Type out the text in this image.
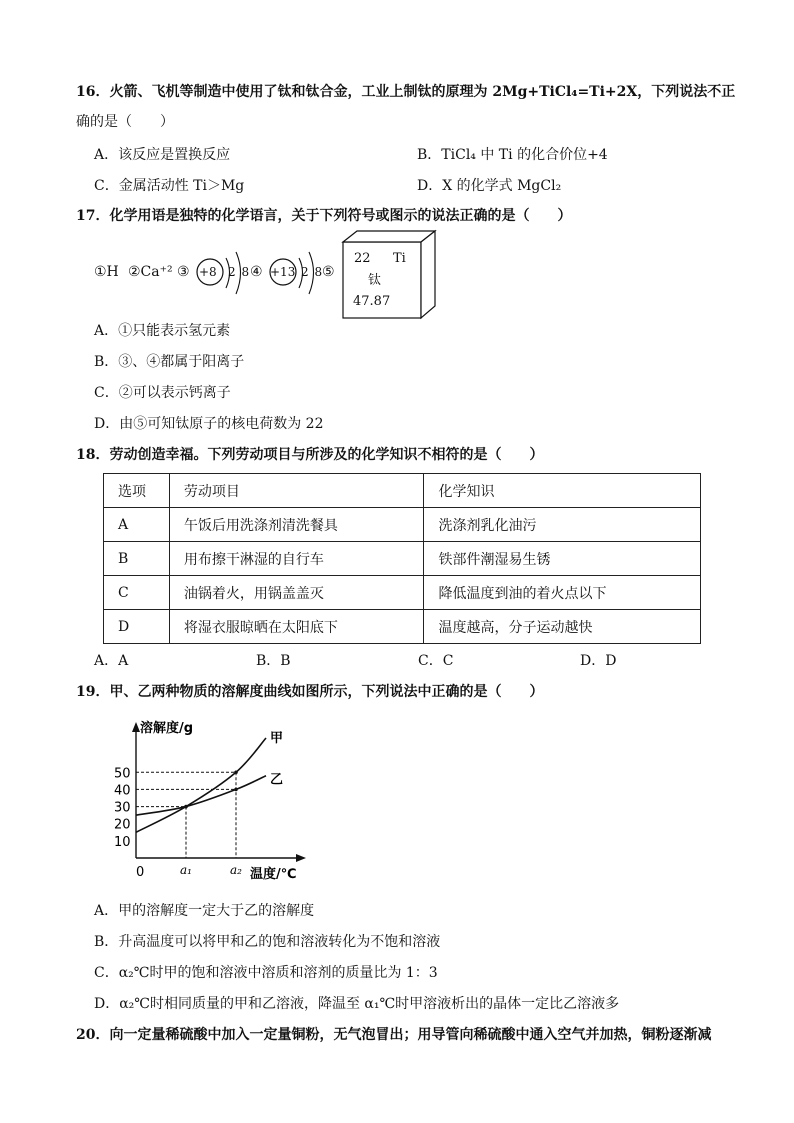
16．火箭、飞机等制造中使用了钛和钛合金，工业上制钛的原理为 2Mg+TiCl₄=Ti+2X，下列说法不正
确的是（　　）
A．该反应是置换反应	B．TiCl₄ 中 Ti 的化合价位+4
C．金属活动性 Ti＞Mg	D．X 的化学式 MgCl₂
17．化学用语是独特的化学语言，关于下列符号或图示的说法正确的是（　　）
①H ②Ca⁺² ③ +8 2 8 ④ +13 2 8
⑤
22 Ti
钛
47.87
A．①只能表示氢元素
B．③、④都属于阳离子
C．②可以表示钙离子
D．由⑤可知钛原子的核电荷数为 22
18．劳动创造幸福。下列劳动项目与所涉及的化学知识不相符的是（　　）
选项	劳动项目	化学知识
A	午饭后用洗涤剂清洗餐具	洗涤剂乳化油污
B	用布擦干淋湿的自行车	铁部件潮湿易生锈
C	油锅着火，用锅盖盖灭	降低温度到油的着火点以下
D	将湿衣服晾晒在太阳底下	温度越高，分子运动越快
A．A	B．B	C．C	D．D
19．甲、乙两种物质的溶解度曲线如图所示，下列说法中正确的是（　　）
10
20
30
40
50
a₁	a₂
甲
乙
溶解度/g
温度/℃
0
A．甲的溶解度一定大于乙的溶解度
B．升高温度可以将甲和乙的饱和溶液转化为不饱和溶液
C．α₂℃时甲的饱和溶液中溶质和溶剂的质量比为 1：3
D．α₂℃时相同质量的甲和乙溶液，降温至 α₁℃时甲溶液析出的晶体一定比乙溶液多
20．向一定量稀硫酸中加入一定量铜粉，无气泡冒出；用导管向稀硫酸中通入空气并加热，铜粉逐渐减
